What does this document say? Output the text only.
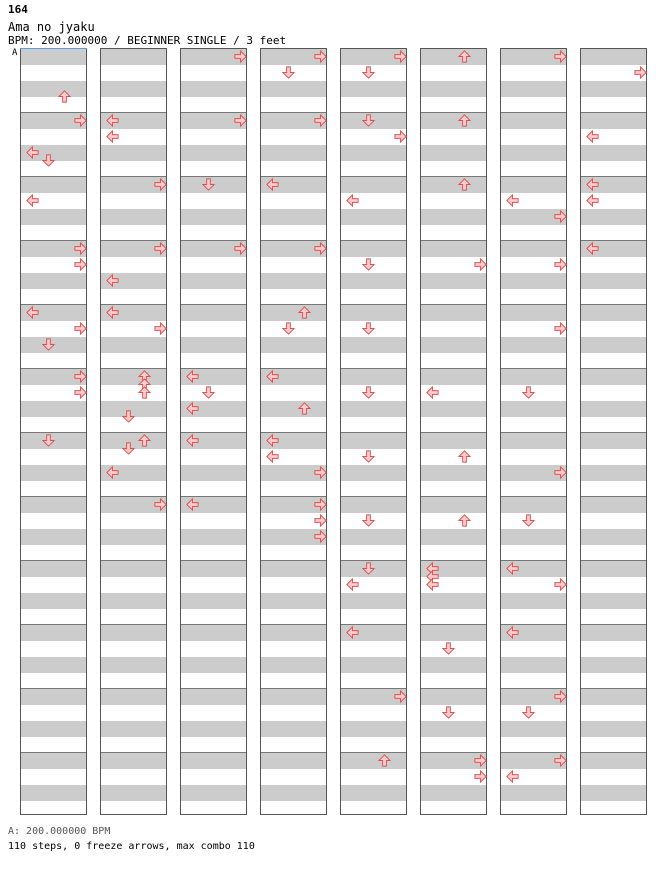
164
Ama no jyaku
BPM: 200.000000 / BEGINNER SINGLE / 3 feet
A
A: 200.000000 BPM
110 steps, 0 freeze arrows, max combo 110
